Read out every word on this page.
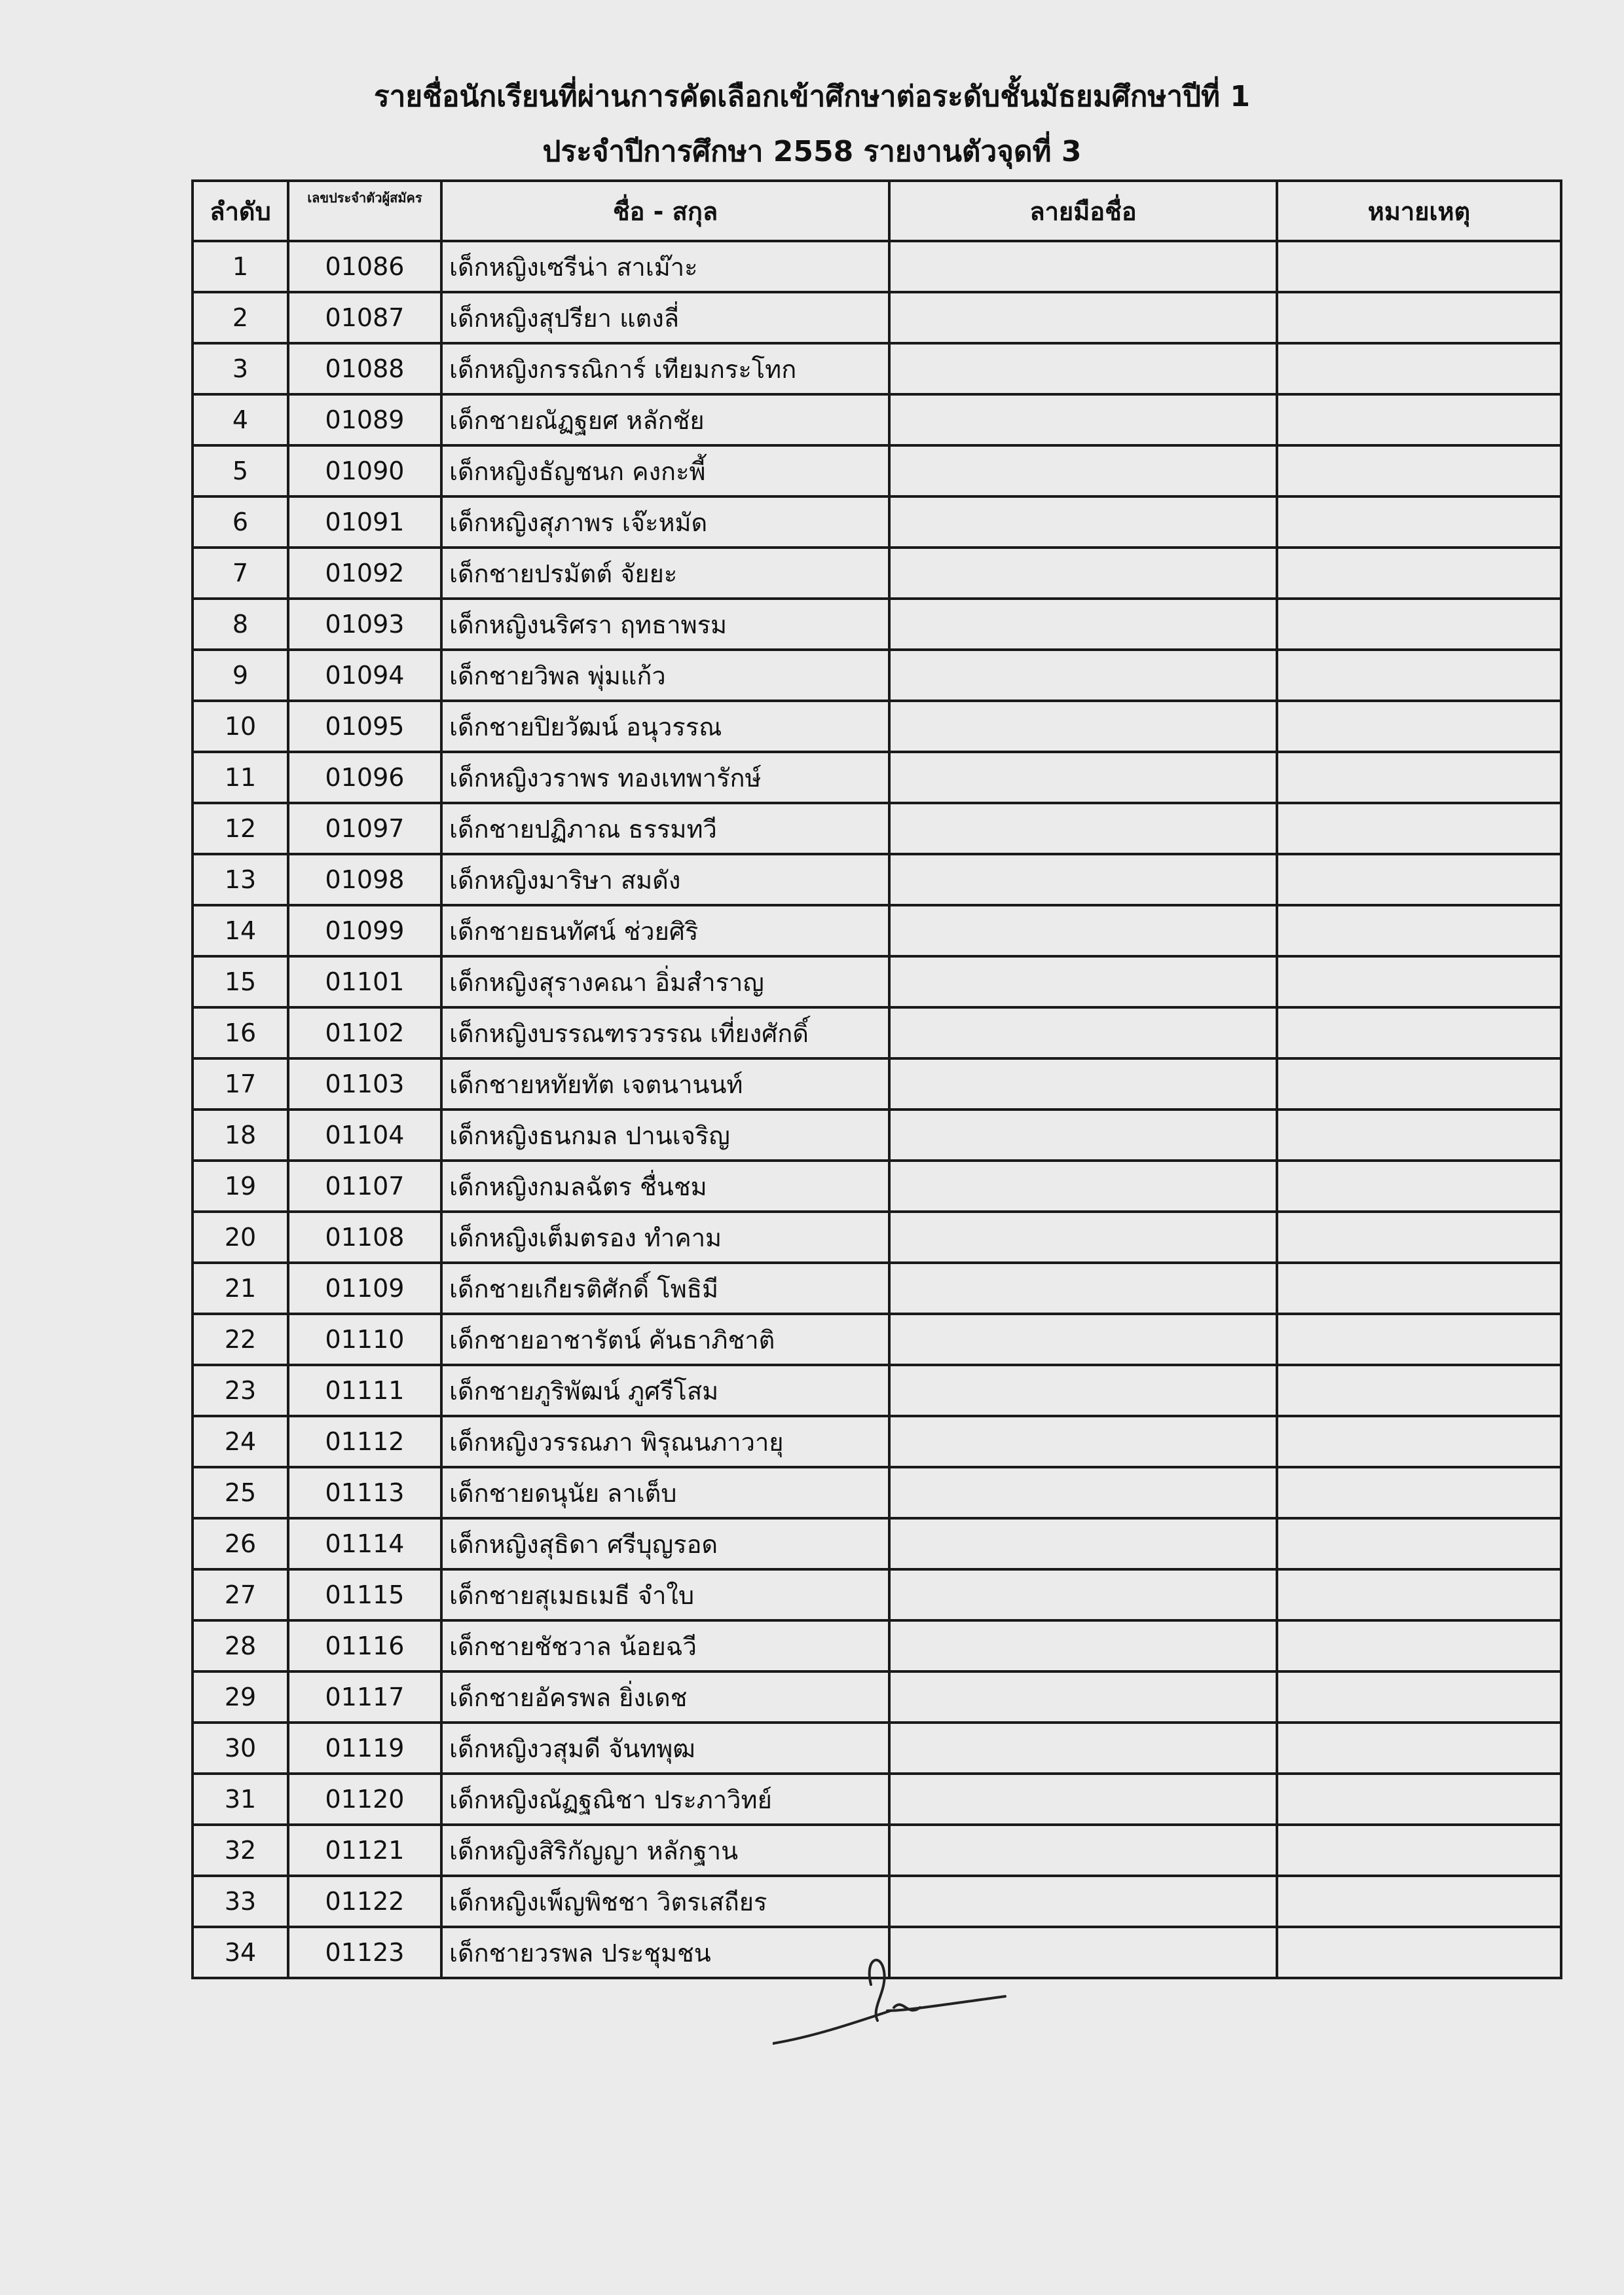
รายชื่อนักเรียนที่ผ่านการคัดเลือกเข้าศึกษาต่อระดับชั้นมัธยมศึกษาปีที่ 1
ประจำปีการศึกษา 2558 รายงานตัวจุดที่ 3
ลำดับ	เลขประจำตัวผู้สมัคร	ชื่อ - สกุล	ลายมือชื่อ	หมายเหตุ
1	01086	เด็กหญิงเซรีน่า สาเม๊าะ		
2	01087	เด็กหญิงสุปรียา แตงลี่		
3	01088	เด็กหญิงกรรณิการ์ เทียมกระโทก		
4	01089	เด็กชายณัฏฐยศ หลักชัย		
5	01090	เด็กหญิงธัญชนก คงกะพี้		
6	01091	เด็กหญิงสุภาพร เจ๊ะหมัด		
7	01092	เด็กชายปรมัตต์ จัยยะ		
8	01093	เด็กหญิงนริศรา ฤทธาพรม		
9	01094	เด็กชายวิพล พุ่มแก้ว		
10	01095	เด็กชายปิยวัฒน์ อนุวรรณ		
11	01096	เด็กหญิงวราพร ทองเทพารักษ์		
12	01097	เด็กชายปฏิภาณ ธรรมทวี		
13	01098	เด็กหญิงมาริษา สมดัง		
14	01099	เด็กชายธนทัศน์ ช่วยศิริ		
15	01101	เด็กหญิงสุรางคณา อิ่มสำราญ		
16	01102	เด็กหญิงบรรณฑรวรรณ เที่ยงศักดิ์		
17	01103	เด็กชายหทัยทัต เจตนานนท์		
18	01104	เด็กหญิงธนกมล ปานเจริญ		
19	01107	เด็กหญิงกมลฉัตร ชื่นชม		
20	01108	เด็กหญิงเต็มตรอง ทำคาม		
21	01109	เด็กชายเกียรติศักดิ์ โพธิมี		
22	01110	เด็กชายอาชารัตน์ คันธาภิชาติ		
23	01111	เด็กชายภูริพัฒน์ ภูศรีโสม		
24	01112	เด็กหญิงวรรณภา พิรุณนภาวายุ		
25	01113	เด็กชายดนุนัย ลาเต็บ		
26	01114	เด็กหญิงสุธิดา ศรีบุญรอด		
27	01115	เด็กชายสุเมธเมธี จำใบ		
28	01116	เด็กชายชัชวาล น้อยฉวี		
29	01117	เด็กชายอัครพล ยิ่งเดช		
30	01119	เด็กหญิงวสุมดี จันทพุฒ		
31	01120	เด็กหญิงณัฏฐณิชา ประภาวิทย์		
32	01121	เด็กหญิงสิริกัญญา หลักฐาน		
33	01122	เด็กหญิงเพ็ญพิชชา วิตรเสถียร		
34	01123	เด็กชายวรพล ประชุมชน		
